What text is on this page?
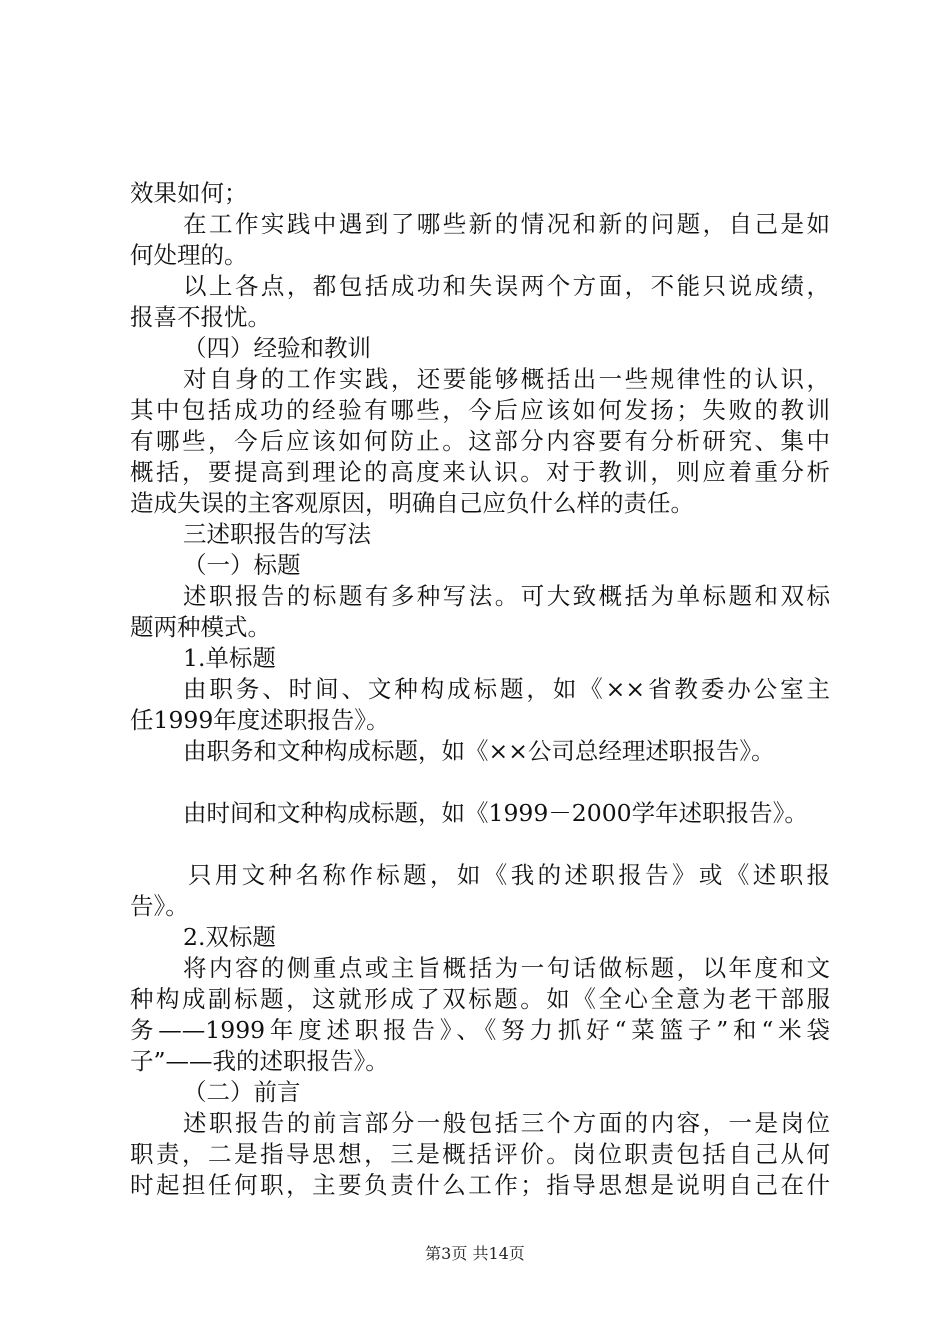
效果如何；
在工作实践中遇到了哪些新的情况和新的问题，自己是如
何处理的。
以上各点，都包括成功和失误两个方面，不能只说成绩，
报喜不报忧。
（四）经验和教训
对自身的工作实践，还要能够概括出一些规律性的认识，
其中包括成功的经验有哪些，今后应该如何发扬；失败的教训
有哪些，今后应该如何防止。这部分内容要有分析研究、集中
概括，要提高到理论的高度来认识。对于教训，则应着重分析
造成失误的主客观原因，明确自己应负什么样的责任。
三述职报告的写法
（一）标题
述职报告的标题有多种写法。可大致概括为单标题和双标
题两种模式。
1.单标题
由职务、时间、文种构成标题，如《××省教委办公室主
任1999年度述职报告》。
由职务和文种构成标题，如《××公司总经理述职报告》。
由时间和文种构成标题，如《1999－2000学年述职报告》。
只用文种名称作标题，如《我的述职报告》或《述职报
告》。
2.双标题
将内容的侧重点或主旨概括为一句话做标题，以年度和文
种构成副标题，这就形成了双标题。如《全心全意为老干部服
务——1999年度述职报告》、《努力抓好“菜篮子”和“米袋
子”——我的述职报告》。
（二）前言
述职报告的前言部分一般包括三个方面的内容，一是岗位
职责，二是指导思想，三是概括评价。岗位职责包括自己从何
时起担任何职，主要负责什么工作；指导思想是说明自己在什
第3页 共14页
